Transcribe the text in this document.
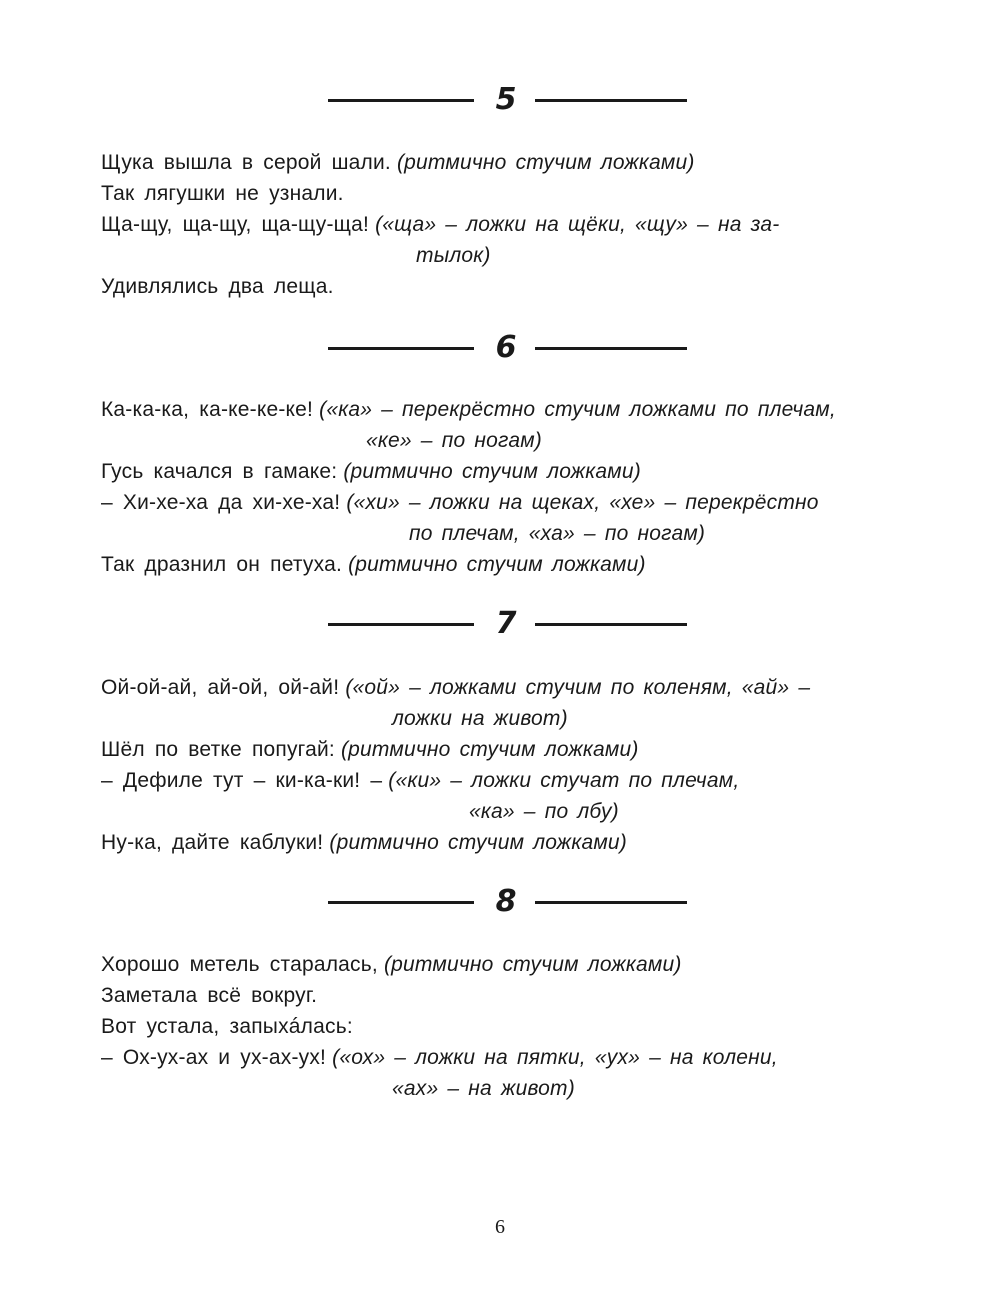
5
Щука вышла в серой шали. (ритмично стучим ложками)
Так лягушки не узнали.
Ща-щу, ща-щу, ща-щу-ща! («ща» – ложки на щёки, «щу» – на за-
тылок)
Удивлялись два леща.
6
Ка-ка-ка, ка-ке-ке-ке! («ка» – перекрёстно стучим ложками по плечам,
«ке» – по ногам)
Гусь качался в гамаке: (ритмично стучим ложками)
– Хи-хе-ха да хи-хе-ха! («хи» – ложки на щеках, «хе» – перекрёстно
по плечам, «ха» – по ногам)
Так дразнил он петуха. (ритмично стучим ложками)
7
Ой-ой-ай, ай-ой, ой-ай! («ой» – ложками стучим по коленям, «ай» –
ложки на живот)
Шёл по ветке попугай: (ритмично стучим ложками)
– Дефиле тут – ки-ка-ки! – («ки» – ложки стучат по плечам,
«ка» – по лбу)
Ну-ка, дайте каблуки! (ритмично стучим ложками)
8
Хорошо метель старалась, (ритмично стучим ложками)
Заметала всё вокруг.
Вот устала, запыхáлась:
– Ох-ух-ах и ух-ах-ух! («ох» – ложки на пятки, «ух» – на колени,
«ах» – на живот)
6
